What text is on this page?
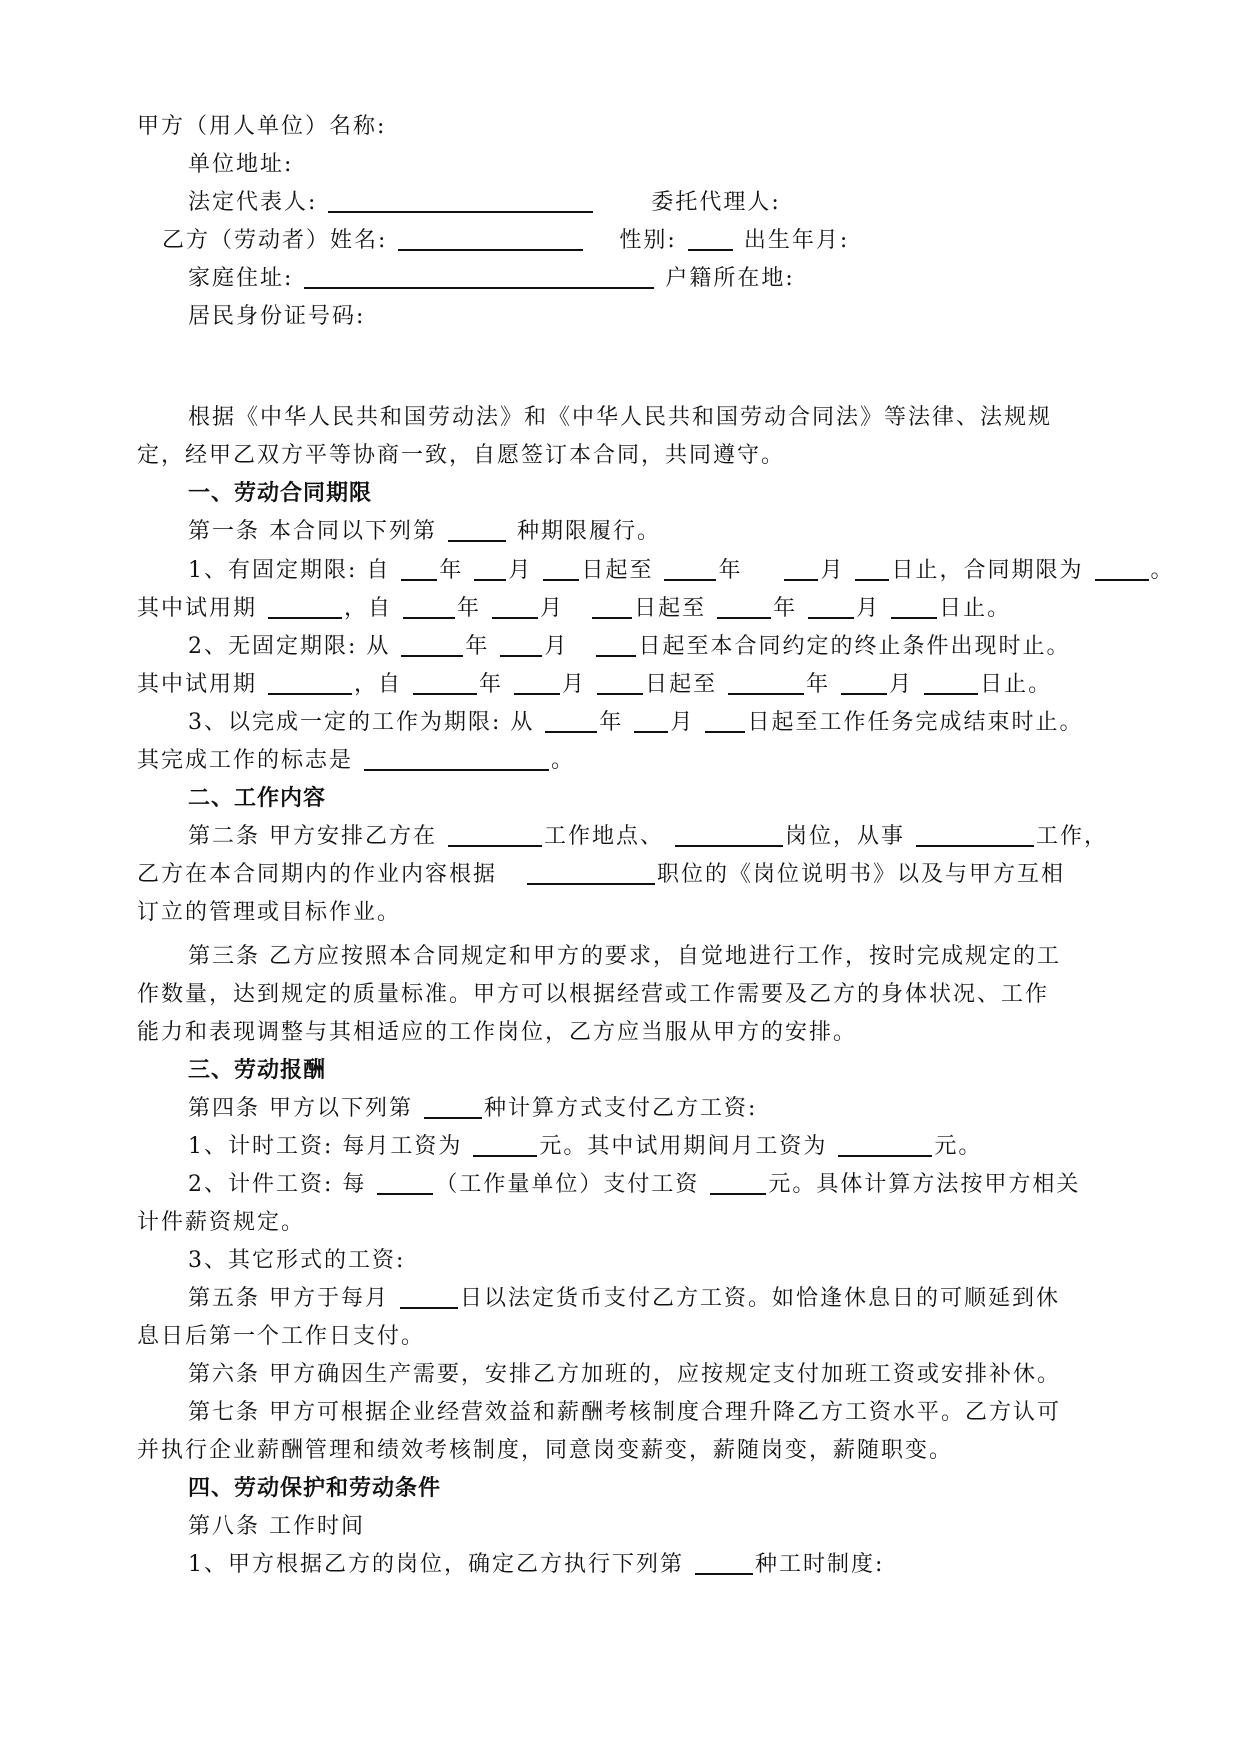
甲方（用人单位）名称:
单位地址:
法定代表人:	委托代理人:
乙方（劳动者）姓名:	性别:	出生年月:
家庭住址:	户籍所在地:
居民身份证号码:
根据《中华人民共和国劳动法》和《中华人民共和国劳动合同法》等法律、法规规
定，经甲乙双方平等协商一致，自愿签订本合同，共同遵守。
一、劳动合同期限
第一条 本合同以下列第	种期限履行。
1、有固定期限: 自 年 月 日起至	年	月 日止，合同期限为	。
其中试用期	，自	年	月	日起至	年	月	日止。
2、无固定期限: 从	年	月	日起至本合同约定的终止条件出现时止。
其中试用期	，自	年	月	日起至	年	月	日止。
3、以完成一定的工作为期限: 从	年 月 日起至工作任务完成结束时止。
其完成工作的标志是	。
二、工作内容
第二条 甲方安排乙方在	工作地点、	岗位，从事	工作，
乙方在本合同期内的作业内容根据	职位的《岗位说明书》以及与甲方互相
订立的管理或目标作业。
第三条 乙方应按照本合同规定和甲方的要求，自觉地进行工作，按时完成规定的工
作数量，达到规定的质量标准。甲方可以根据经营或工作需要及乙方的身体状况、工作
能力和表现调整与其相适应的工作岗位，乙方应当服从甲方的安排。
三、劳动报酬
第四条 甲方以下列第	种计算方式支付乙方工资:
1、计时工资: 每月工资为	元。其中试用期间月工资为	元。
2、计件工资: 每	（工作量单位）支付工资	元。具体计算方法按甲方相关
计件薪资规定。
3、其它形式的工资:
第五条 甲方于每月	日以法定货币支付乙方工资。如恰逢休息日的可顺延到休
息日后第一个工作日支付。
第六条 甲方确因生产需要，安排乙方加班的，应按规定支付加班工资或安排补休。
第七条 甲方可根据企业经营效益和薪酬考核制度合理升降乙方工资水平。乙方认可
并执行企业薪酬管理和绩效考核制度，同意岗变薪变，薪随岗变，薪随职变。
四、劳动保护和劳动条件
第八条 工作时间
1、甲方根据乙方的岗位，确定乙方执行下列第	种工时制度:
